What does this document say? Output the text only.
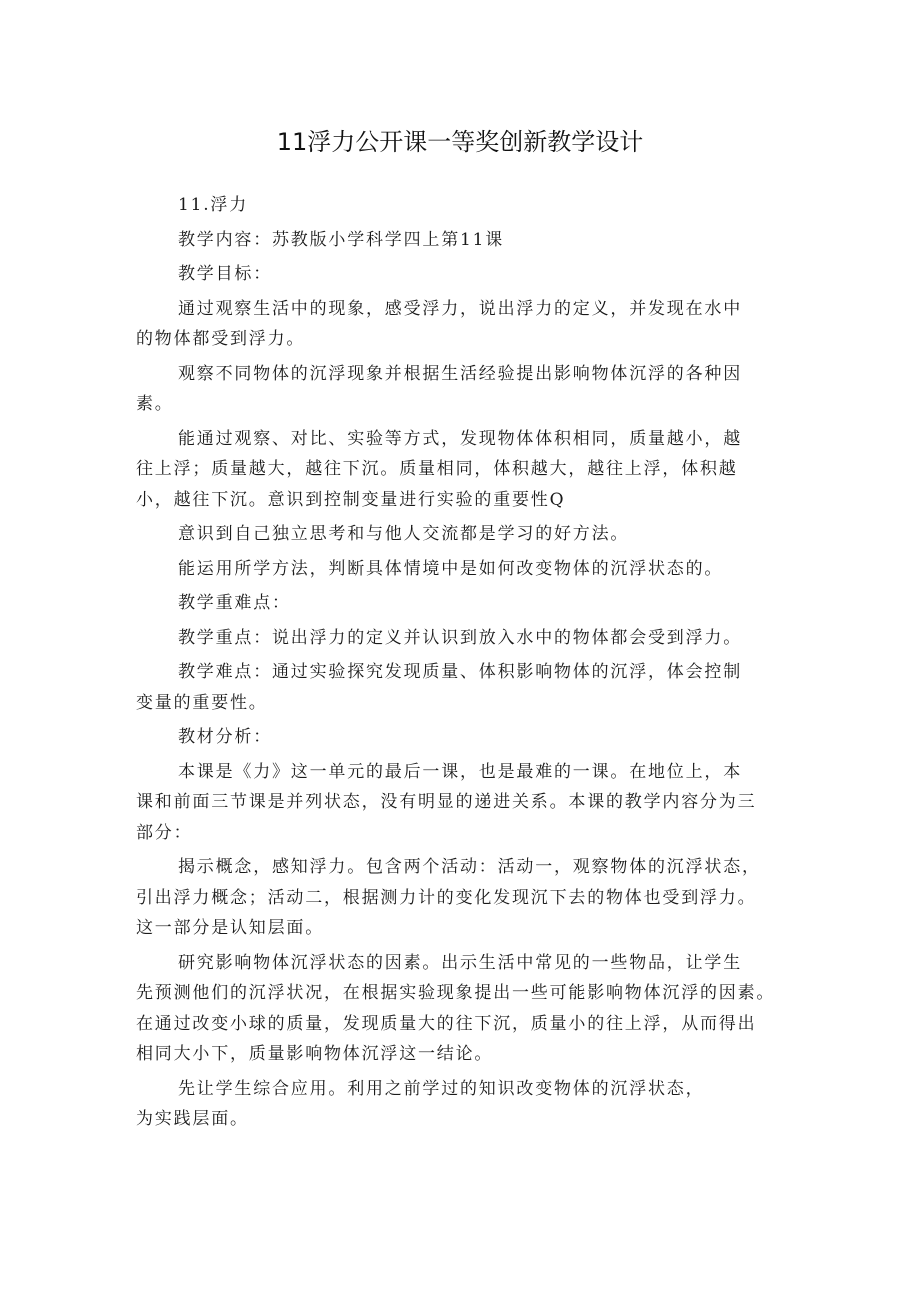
11浮力公开课一等奖创新教学设计

11.浮力

教学内容：苏教版小学科学四上第11课

教学目标：

通过观察生活中的现象，感受浮力，说出浮力的定义，并发现在水中
的物体都受到浮力。

观察不同物体的沉浮现象并根据生活经验提出影响物体沉浮的各种因
素。

能通过观察、对比、实验等方式，发现物体体积相同，质量越小，越
往上浮；质量越大，越往下沉。质量相同，体积越大，越往上浮，体积越
小，越往下沉。意识到控制变量进行实验的重要性Q

意识到自己独立思考和与他人交流都是学习的好方法。

能运用所学方法，判断具体情境中是如何改变物体的沉浮状态的。

教学重难点：

教学重点：说出浮力的定义并认识到放入水中的物体都会受到浮力。

教学难点：通过实验探究发现质量、体积影响物体的沉浮，体会控制
变量的重要性。

教材分析：

本课是《力》这一单元的最后一课，也是最难的一课。在地位上，本
课和前面三节课是并列状态，没有明显的递进关系。本课的教学内容分为三
部分：

揭示概念，感知浮力。包含两个活动：活动一，观察物体的沉浮状态，
引出浮力概念；活动二，根据测力计的变化发现沉下去的物体也受到浮力。
这一部分是认知层面。

研究影响物体沉浮状态的因素。出示生活中常见的一些物品，让学生
先预测他们的沉浮状况，在根据实验现象提出一些可能影响物体沉浮的因素。
在通过改变小球的质量，发现质量大的往下沉，质量小的往上浮，从而得出
相同大小下，质量影响物体沉浮这一结论。

先让学生综合应用。利用之前学过的知识改变物体的沉浮状态，
为实践层面。
